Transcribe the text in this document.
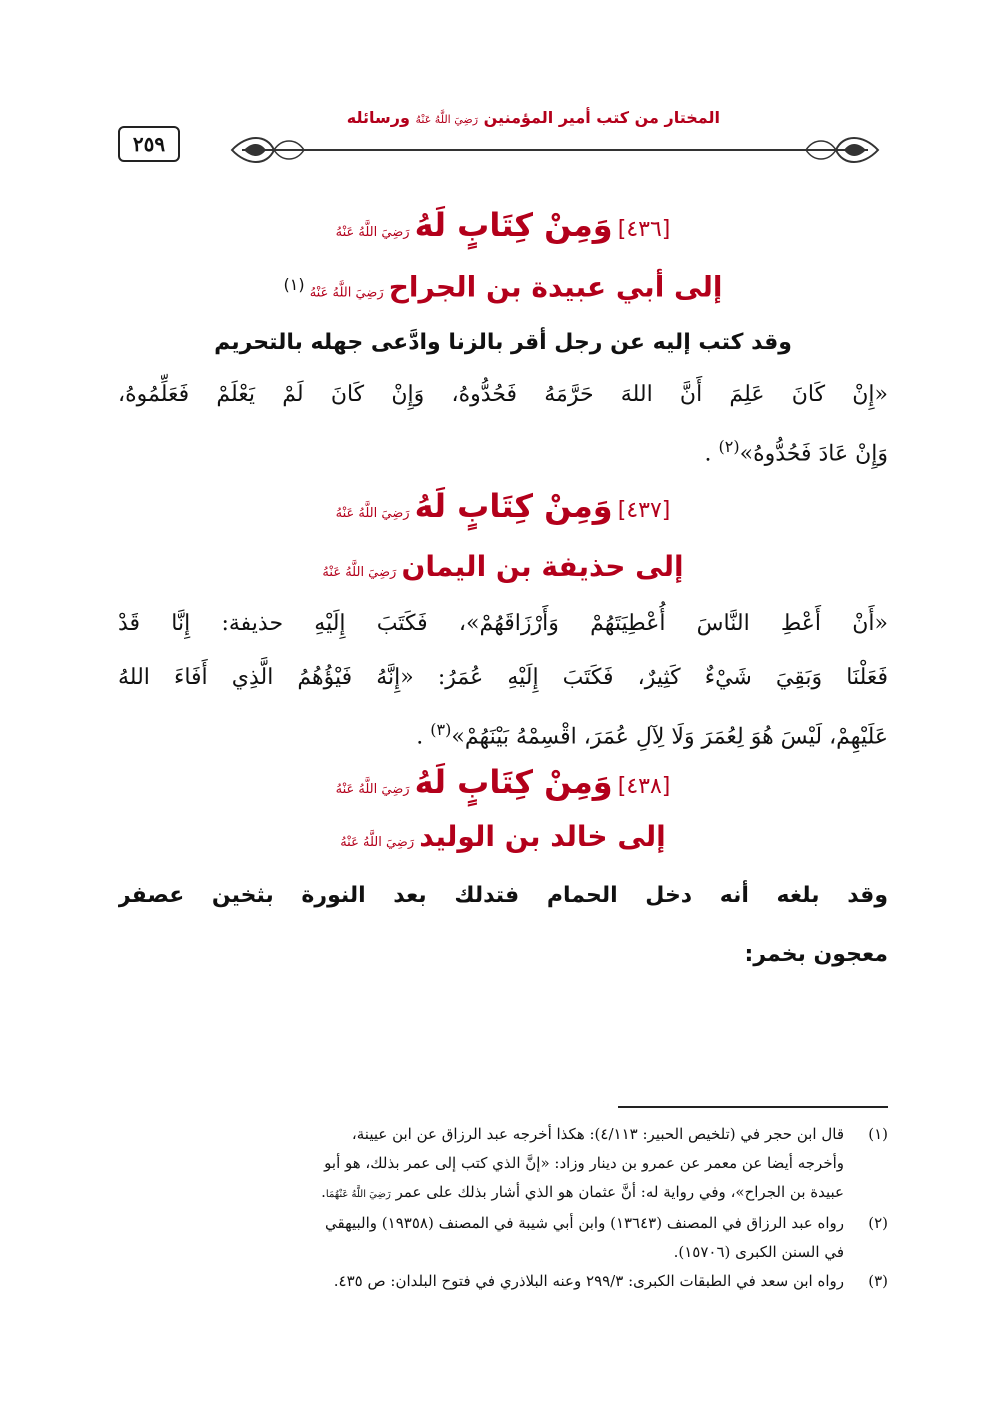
٢٥٩
المختار من كتب أمير المؤمنين رَضِيَ اللَّهُ عَنْهُ ورسائله
[٤٣٦] وَمِنْ كِتَابٍ لَهُ رَضِيَ اللَّهُ عَنْهُ
إلى أبي عبيدة بن الجراح رَضِيَ اللَّهُ عَنْهُ (١)
وقد كتب إليه عن رجل أقر بالزنا وادَّعى جهله بالتحريم
«إِنْ كَانَ عَلِمَ أَنَّ اللهَ حَرَّمَهُ فَحُدُّوهُ، وَإِنْ كَانَ لَمْ يَعْلَمْ فَعَلِّمُوهُ،
وَإِنْ عَادَ فَحُدُّوهُ»$^{(٢)}$ .
[٤٣٧] وَمِنْ كِتَابٍ لَهُ رَضِيَ اللَّهُ عَنْهُ
إلى حذيفة بن اليمان رَضِيَ اللَّهُ عَنْهُ
«أَنْ أَعْطِ النَّاسَ أُعْطِيَتَهُمْ وَأَرْزَاقَهُمْ»، فَكَتَبَ إِلَيْهِ حذيفة: إِنَّا قَدْ
فَعَلْنَا وَبَقِيَ شَيْءٌ كَثِيرٌ، فَكَتَبَ إِلَيْهِ عُمَرُ: «إِنَّهُ فَيْؤُهُمُ الَّذِي أَفَاءَ اللهُ
عَلَيْهِمْ، لَيْسَ هُوَ لِعُمَرَ وَلَا لِآلِ عُمَرَ، اقْسِمْهُ بَيْنَهُمْ»$^{(٣)}$ .
[٤٣٨] وَمِنْ كِتَابٍ لَهُ رَضِيَ اللَّهُ عَنْهُ
إلى خالد بن الوليد رَضِيَ اللَّهُ عَنْهُ
وقد بلغه أنه دخل الحمام فتدلك بعد النورة بثخين عصفر
معجون بخمر:
(١)
قال ابن حجر في (تلخيص الحبير: ٤/١١٣): هكذا أخرجه عبد الرزاق عن ابن عيينة،
وأخرجه أيضا عن معمر عن عمرو بن دينار وزاد: «إنَّ الذي كتب إلى عمر بذلك، هو أبو
عبيدة بن الجراح»، وفي رواية له: أنَّ عثمان هو الذي أشار بذلك على عمر رَضِيَ اللَّهُ عَنْهُمَا.
(٢)
رواه عبد الرزاق في المصنف (١٣٦٤٣) وابن أبي شيبة في المصنف (١٩٣٥٨) والبيهقي
في السنن الكبرى (١٥٧٠٦).
(٣)
رواه ابن سعد في الطبقات الكبرى: ٢٩٩/٣ وعنه البلاذري في فتوح البلدان: ص ٤٣٥.
